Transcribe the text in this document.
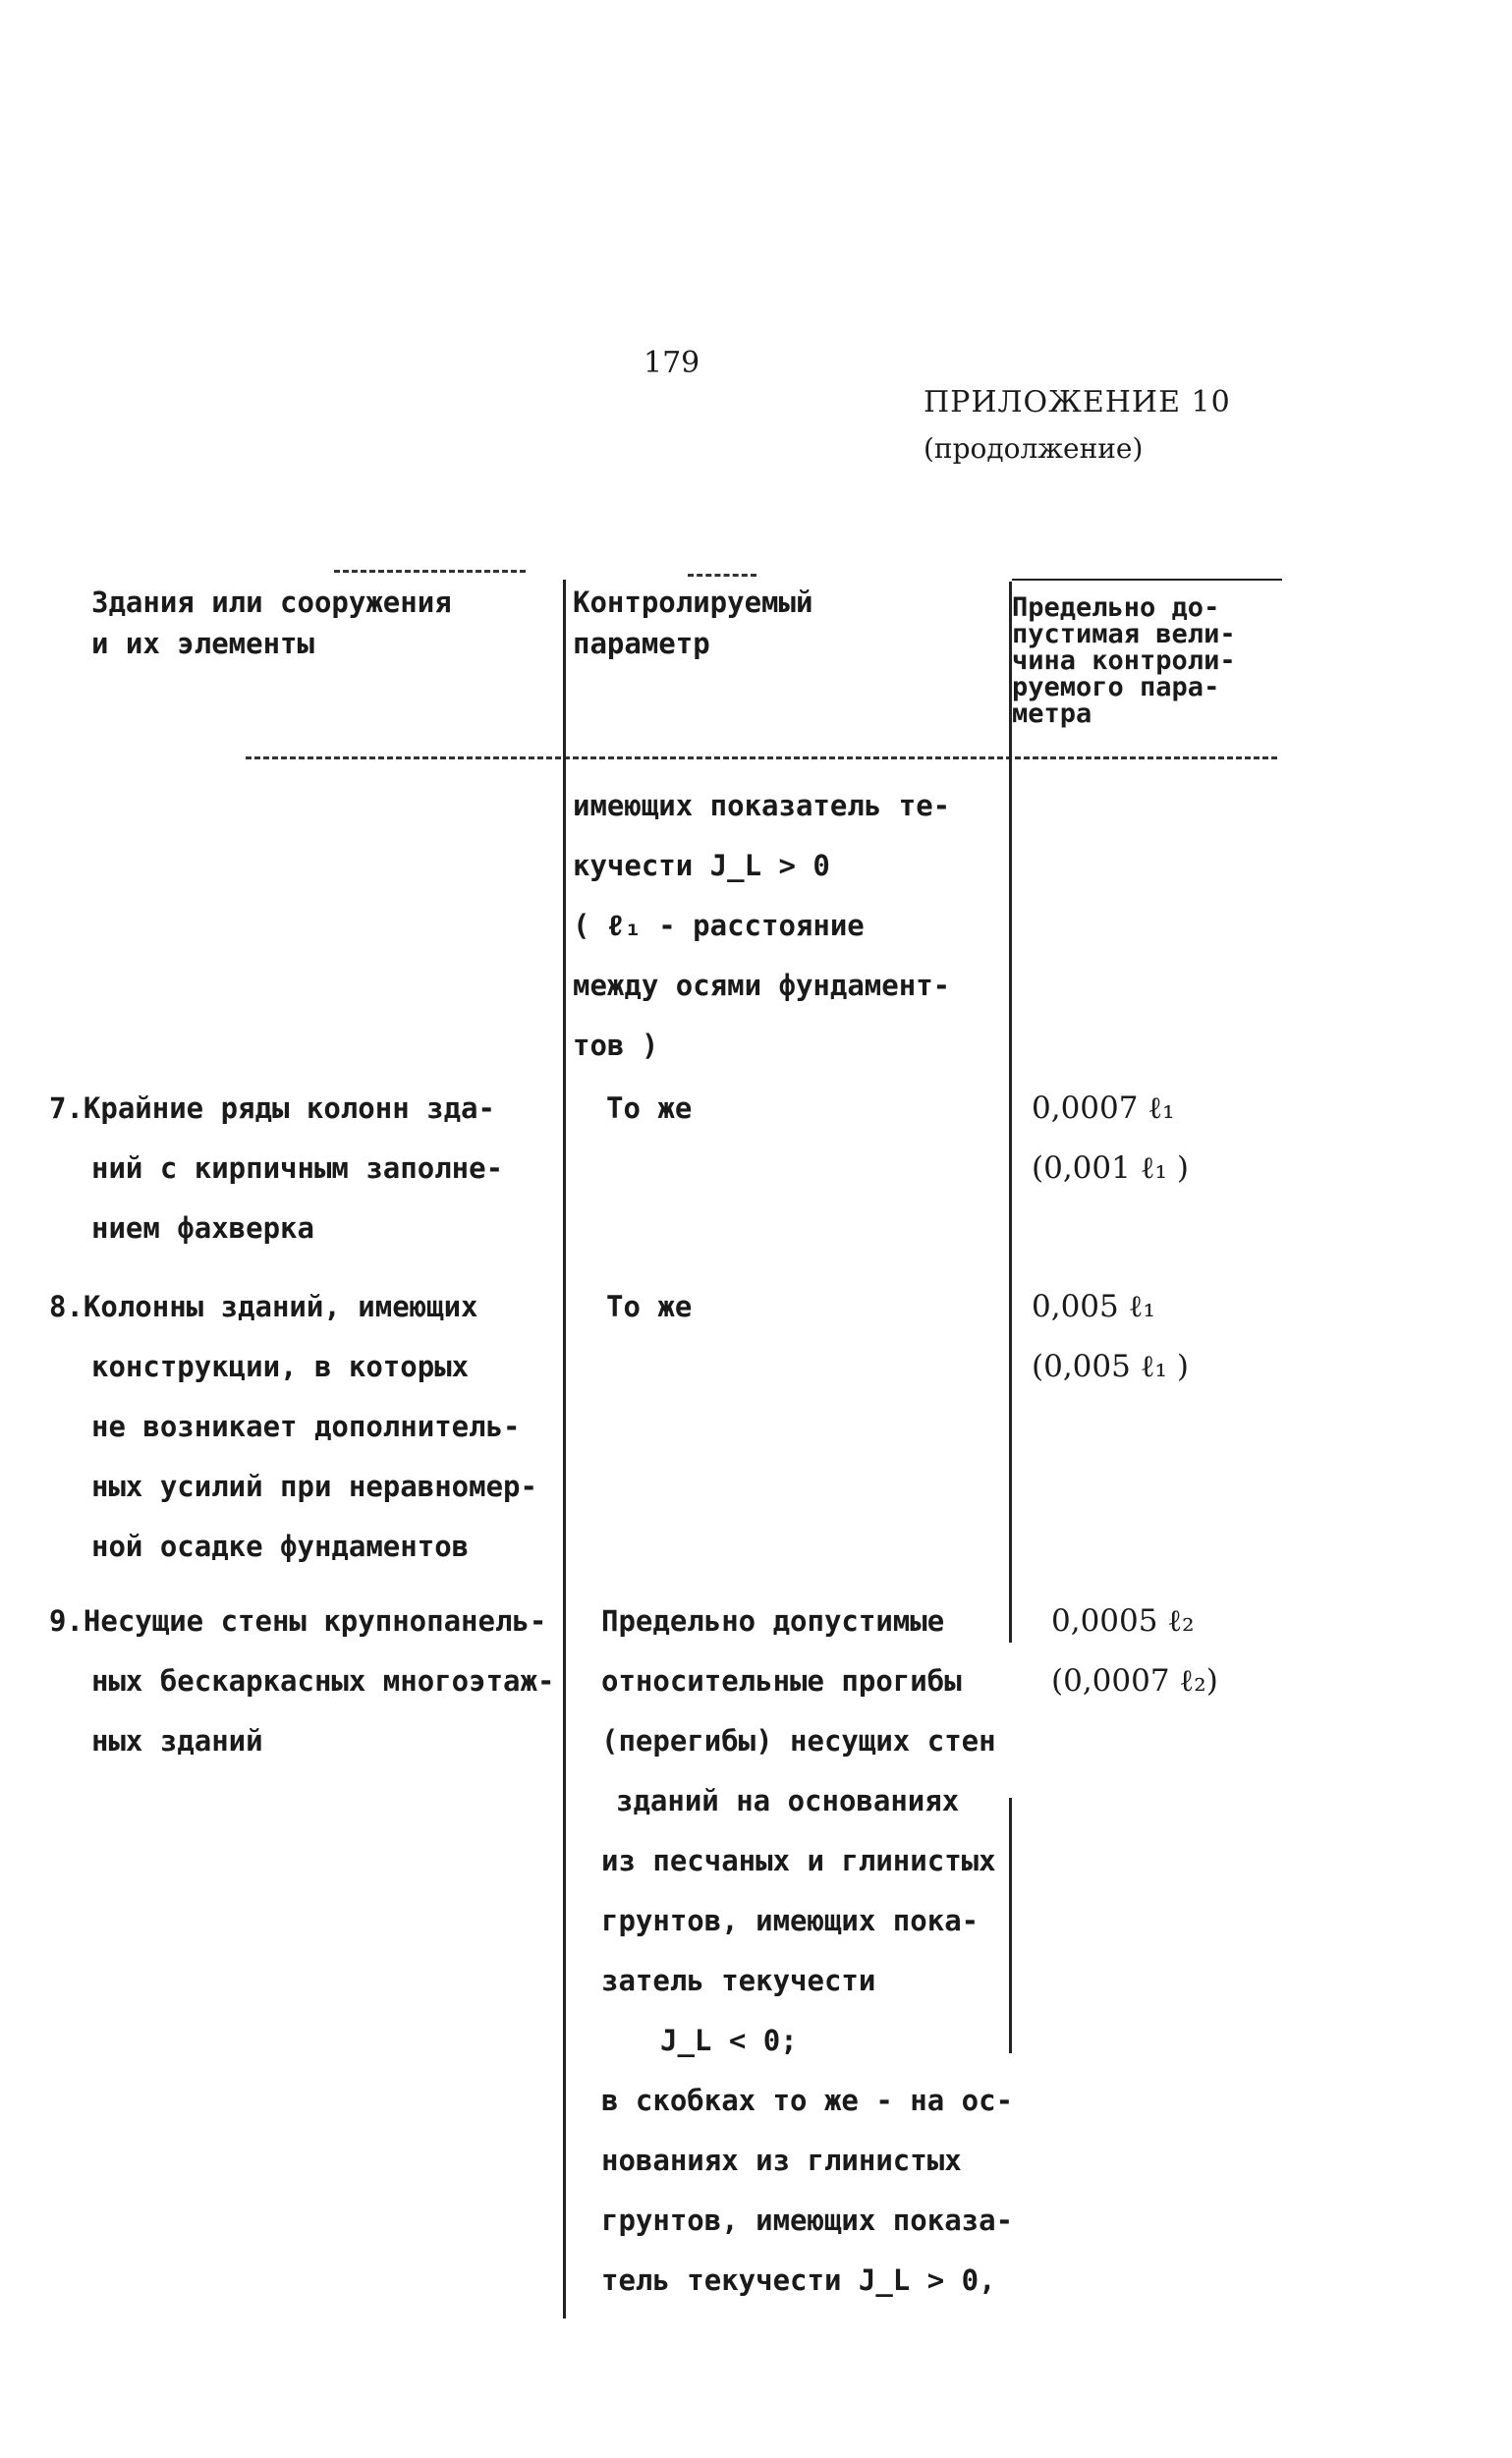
179
ПРИЛОЖЕНИЕ 10
(продолжение)
Здания или сооружения
и их элементы
Контролируемый
параметр
Предельно до-
пустимая вели-
чина контроли-
руемого пара-
метра
имеющих показатель те-
кучести J_L > 0
( ℓ₁ - расстояние
между осями фундамент-
тов )
7.Крайние ряды колонн зда-
ний с кирпичным заполне-
нием фахверка
То же	0,0007 ℓ₁
(0,001 ℓ₁ )
8.Колонны зданий, имеющих
конструкции, в которых
не возникает дополнитель-
ных усилий при неравномер-
ной осадке фундаментов
То же	0,005 ℓ₁
(0,005 ℓ₁ )
9.Несущие стены крупнопанель-
ных бескаркасных многоэтаж-
ных зданий
Предельно допустимые
относительные прогибы
(перегибы) несущих стен
зданий на основаниях
из песчаных и глинистых
грунтов, имеющих пока-
затель текучести
J_L < 0;
в скобках то же - на ос-
нованиях из глинистых
грунтов, имеющих показа-
тель текучести J_L > 0,
0,0005 ℓ₂
(0,0007 ℓ₂)
